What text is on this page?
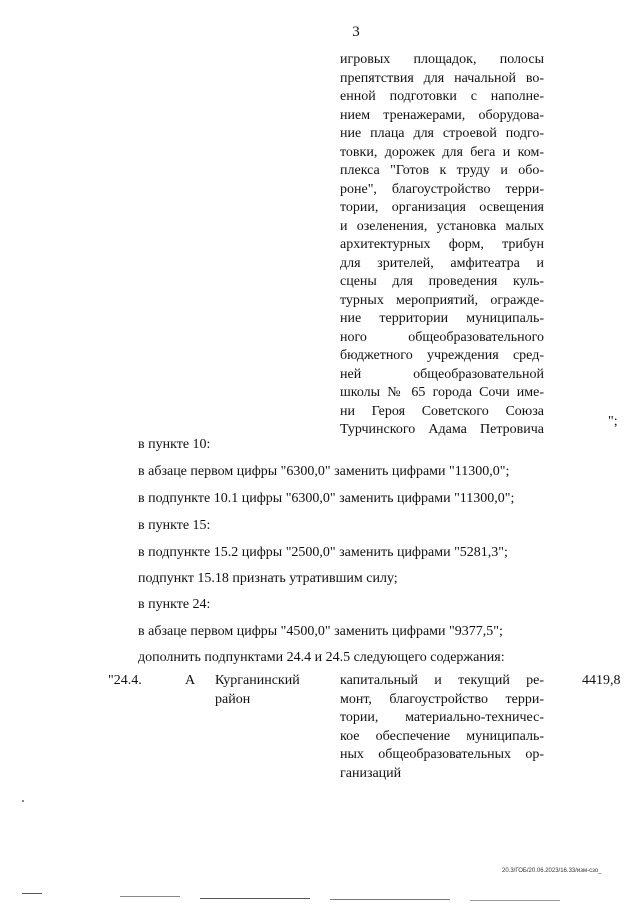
3
игровых площадок, полосы
препятствия для начальной во-
енной подготовки с наполне-
нием тренажерами, оборудова-
ние плаца для строевой подго-
товки, дорожек для бега и ком-
плекса "Готов к труду и обо-
роне", благоустройство терри-
тории, организация освещения
и озеленения, установка малых
архитектурных форм, трибун
для зрителей, амфитеатра и
сцены для проведения куль-
турных мероприятий, огражде-
ние территории муниципаль-
ного общеобразовательного
бюджетного учреждения сред-
ней общеобразовательной
школы № 65 города Сочи име-
ни Героя Советского Союза
Турчинского Адама Петровича
";
в пункте 10:
в абзаце первом цифры "6300,0" заменить цифрами "11300,0";
в подпункте 10.1 цифры "6300,0" заменить цифрами "11300,0";
в пункте 15:
в подпункте 15.2 цифры "2500,0" заменить цифрами "5281,3";
подпункт 15.18 признать утратившим силу;
в пункте 24:
в абзаце первом цифры "4500,0" заменить цифрами "9377,5";
дополнить подпунктами 24.4 и 24.5 следующего содержания:
"24.4.	А Курганинский
район
капитальный и текущий ре-
монт, благоустройство терри-
тории, материально-техничес-
кое обеспечение муниципаль-
ных общеобразовательных ор-
ганизаций
4419,8
20.3/ГОБ/20.06.2023/16.33/изм-сзо_
